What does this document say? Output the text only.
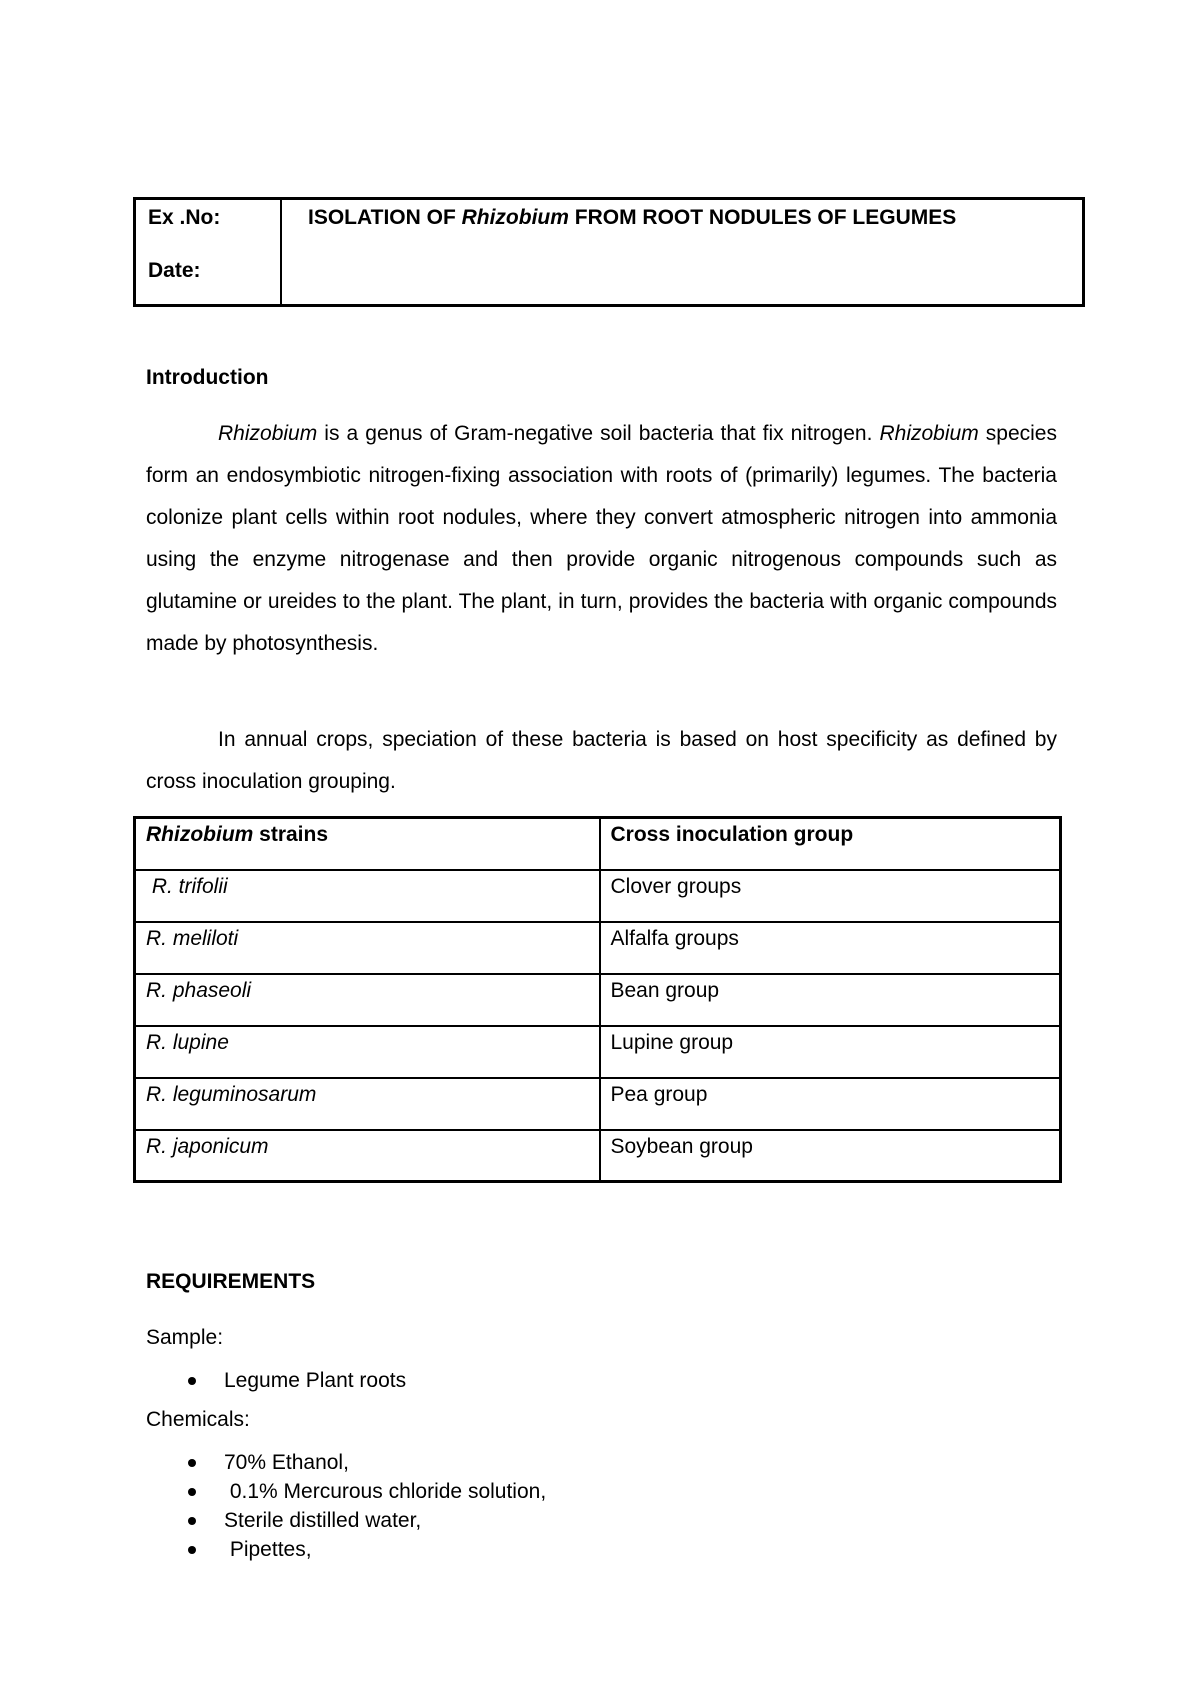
Ex .No:
Date:
ISOLATION OF Rhizobium FROM ROOT NODULES OF LEGUMES
Introduction

Rhizobium is a genus of Gram-negative soil bacteria that fix nitrogen. Rhizobium species form an endosymbiotic nitrogen-fixing association with roots of (primarily) legumes. The bacteria colonize plant cells within root nodules, where they convert atmospheric nitrogen into ammonia using the enzyme nitrogenase and then provide organic nitrogenous compounds such as glutamine or ureides to the plant. The plant, in turn, provides the bacteria with organic compounds made by photosynthesis.

In annual crops, speciation of these bacteria is based on host specificity as defined by cross inoculation grouping.

Rhizobium strains	Cross inoculation group
R. trifolii	Clover groups
R. meliloti	Alfalfa groups
R. phaseoli	Bean group
R. lupine	Lupine group
R. leguminosarum	Pea group
R. japonicum	Soybean group
REQUIREMENTS
Sample:
Legume Plant roots
Chemicals:
70% Ethanol,
0.1% Mercurous chloride solution,
Sterile distilled water,
Pipettes,
